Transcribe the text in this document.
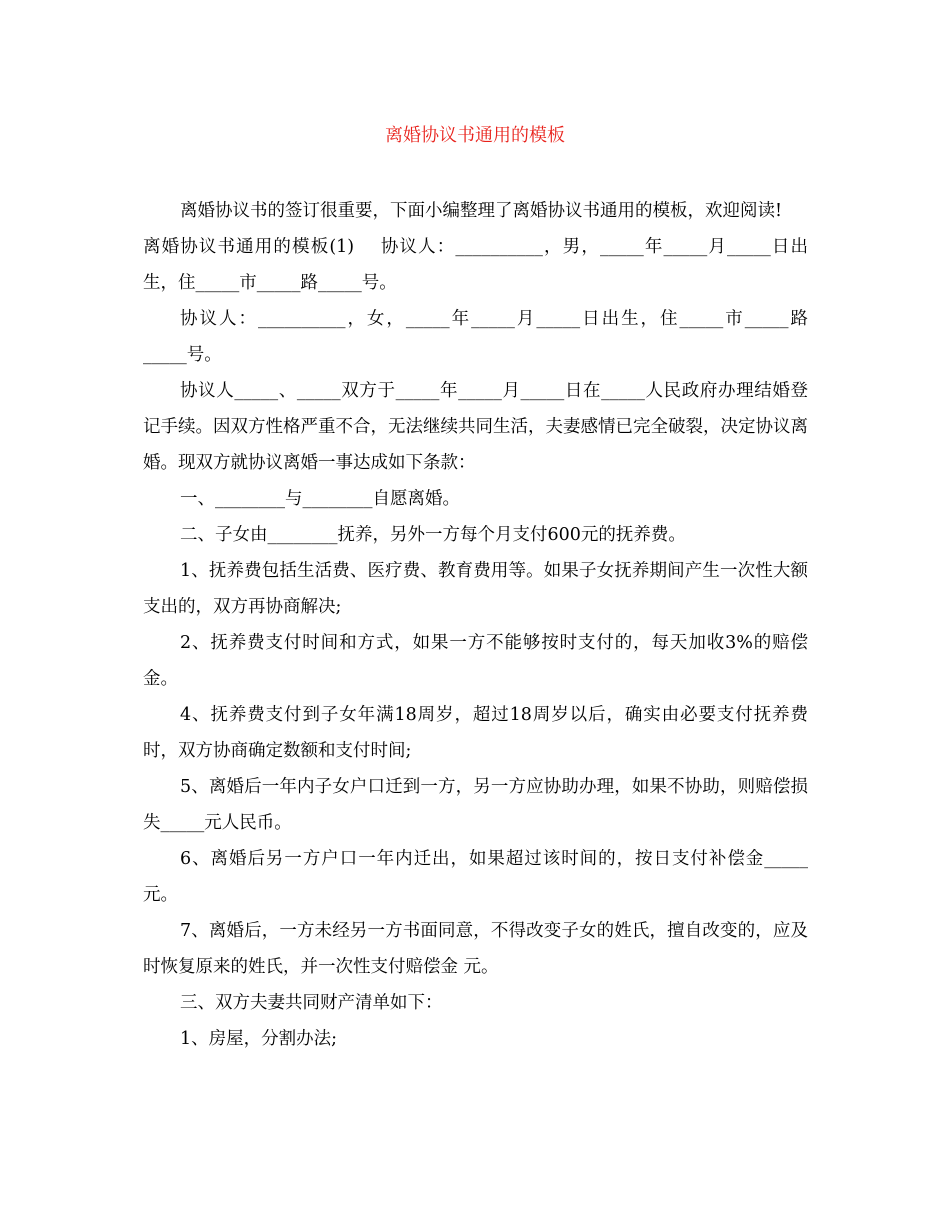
离婚协议书通用的模板

离婚协议书的签订很重要，下面小编整理了离婚协议书通用的模板，欢迎阅读!

离婚协议书通用的模板(1)    协议人：__________，男，_____年_____月_____日出生，住_____市_____路_____号。

协议人：__________，女，_____年_____月_____日出生，住_____市_____路_____号。

协议人_____、_____双方于_____年_____月_____日在_____人民政府办理结婚登记手续。因双方性格严重不合，无法继续共同生活，夫妻感情已完全破裂，决定协议离婚。现双方就协议离婚一事达成如下条款：

一、________与________自愿离婚。

二、子女由________抚养，另外一方每个月支付600元的抚养费。

1、抚养费包括生活费、医疗费、教育费用等。如果子女抚养期间产生一次性大额支出的，双方再协商解决;

2、抚养费支付时间和方式，如果一方不能够按时支付的，每天加收3%的赔偿金。

4、抚养费支付到子女年满18周岁，超过18周岁以后，确实由必要支付抚养费时，双方协商确定数额和支付时间;

5、离婚后一年内子女户口迁到一方，另一方应协助办理，如果不协助，则赔偿损失_____元人民币。

6、离婚后另一方户口一年内迁出，如果超过该时间的，按日支付补偿金_____元。

7、离婚后，一方未经另一方书面同意，不得改变子女的姓氏，擅自改变的，应及时恢复原来的姓氏，并一次性支付赔偿金 元。

三、双方夫妻共同财产清单如下：

1、房屋，分割办法;
